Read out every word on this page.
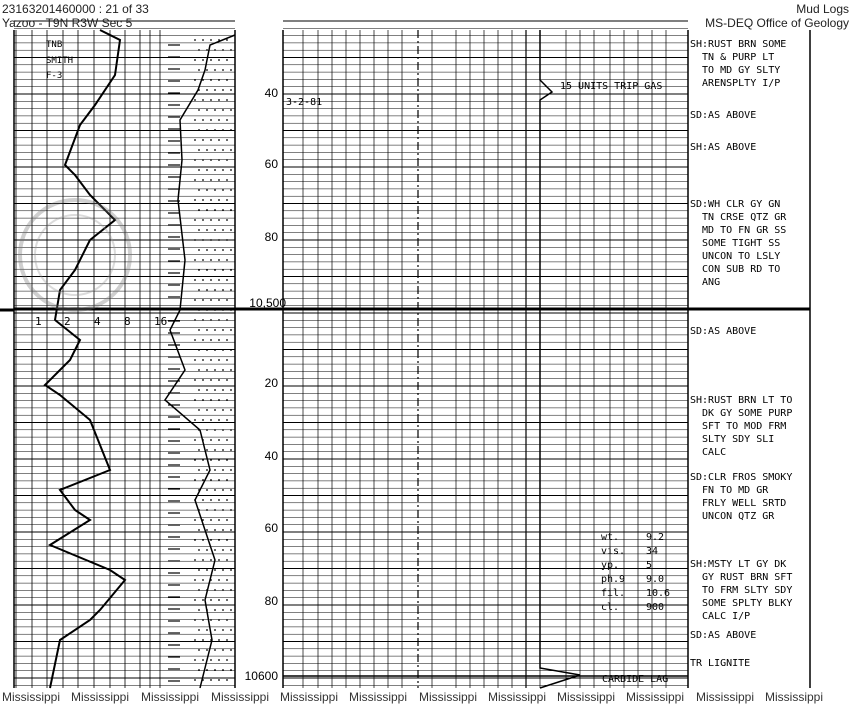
23163201460000 : 21 of 33
Yazoo - T9N R3W Sec 5
Mud Logs
MS-DEQ Office of Geology
TNB
SMITH
F-3
1 2 4 8 16
40
60
80
10,500
20
40
60
80
10600
3-2-81
15 UNITS TRIP GAS
CARBIDE LAG
wt.	9.2
vis. 34
yp.	5
ph.9 9.0
fil. 10.6
cl.	900
SH:RUST BRN SOME
TN & PURP LT
TO MD GY SLTY
ARENSPLTY I/P
SD:AS ABOVE
SH:AS ABOVE
SD:WH CLR GY GN
TN CRSE QTZ GR
MD TO FN GR SS
SOME TIGHT SS
UNCON TO LSLY
CON SUB RD TO
ANG
SD:AS ABOVE
SH:RUST BRN LT TO
DK GY SOME PURP
SFT TO MOD FRM
SLTY SDY SLI
CALC
SD:CLR FROS SMOKY
FN TO MD GR
FRLY WELL SRTD
UNCON QTZ GR
SH:MSTY LT GY DK
GY RUST BRN SFT
TO FRM SLTY SDY
SOME SPLTY BLKY
CALC I/P
SD:AS ABOVE
TR LIGNITE
Mississippi Mississippi Mississippi Mississippi Mississippi Mississippi Mississippi Mississippi Mississippi Mississippi Mississippi Mississippi
